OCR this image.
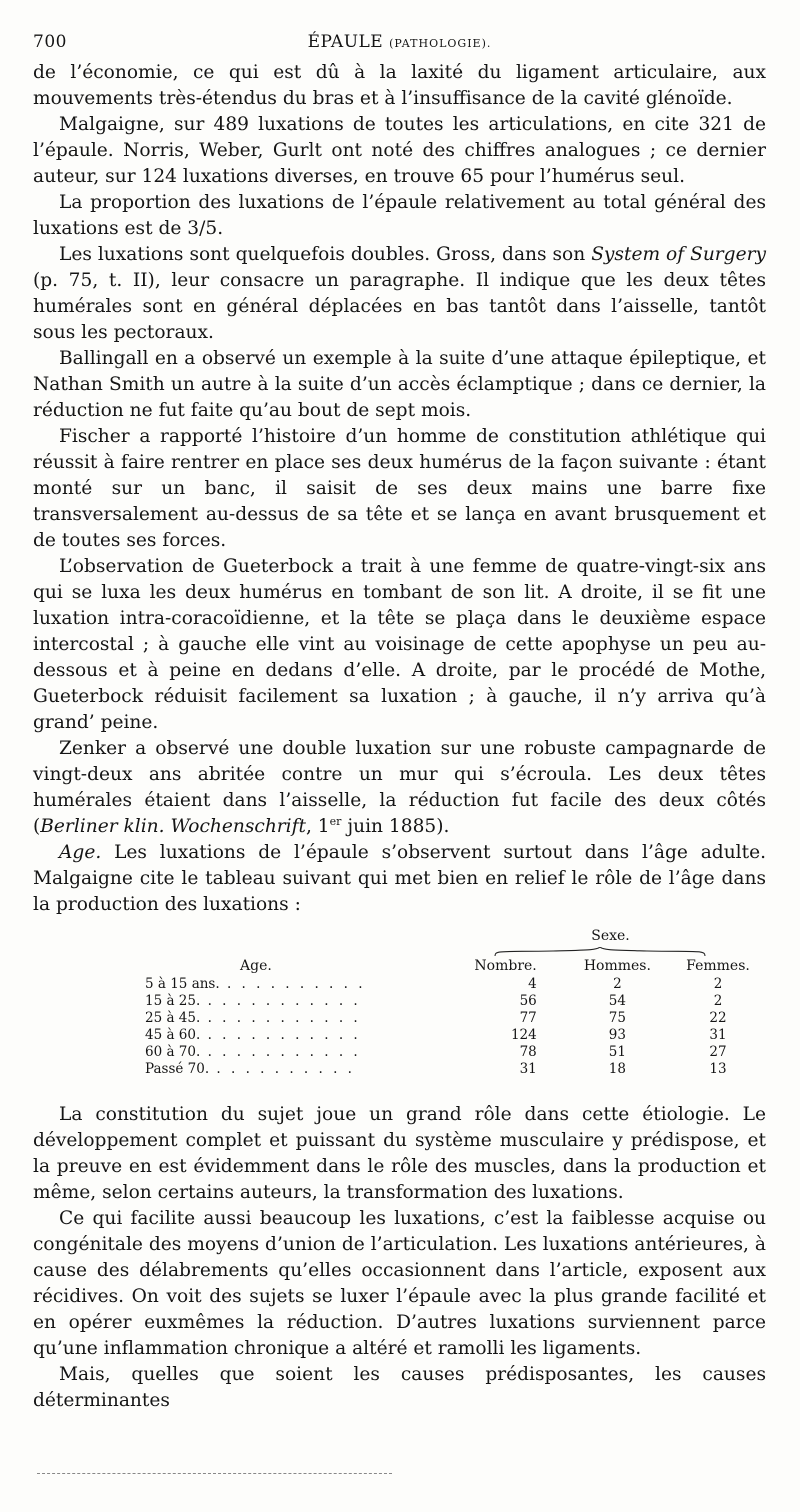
700	ÉPAULE (PATHOLOGIE).

de l’économie, ce qui est dû à la laxité du ligament articulaire, aux mouvements très-étendus du bras et à l’insuffisance de la cavité glénoïde.

Malgaigne, sur 489 luxations de toutes les articulations, en cite 321 de l’épaule. Norris, Weber, Gurlt ont noté des chiffres analogues ; ce dernier auteur, sur 124 luxations diverses, en trouve 65 pour l’humérus seul.

La proportion des luxations de l’épaule relativement au total général des luxations est de 3/5.

Les luxations sont quelquefois doubles. Gross, dans son System of Surgery (p. 75, t. II), leur consacre un paragraphe. Il indique que les deux têtes humérales sont en général déplacées en bas tantôt dans l’aisselle, tantôt sous les pectoraux.

Ballingall en a observé un exemple à la suite d’une attaque épileptique, et Nathan Smith un autre à la suite d’un accès éclamptique ; dans ce dernier, la réduction ne fut faite qu’au bout de sept mois.

Fischer a rapporté l’histoire d’un homme de constitution athlétique qui réussit à faire rentrer en place ses deux humérus de la façon suivante : étant monté sur un banc, il saisit de ses deux mains une barre fixe transversalement au-dessus de sa tête et se lança en avant brusquement et de toutes ses forces.

L’observation de Gueterbock a trait à une femme de quatre-vingt-six ans qui se luxa les deux humérus en tombant de son lit. A droite, il se fit une luxation intra-coracoïdienne, et la tête se plaça dans le deuxième espace intercostal ; à gauche elle vint au voisinage de cette apophyse un peu au-dessous et à peine en dedans d’elle. A droite, par le procédé de Mothe, Gueterbock réduisit facilement sa luxation ; à gauche, il n’y arriva qu’à grand’ peine.

Zenker a observé une double luxation sur une robuste campagnarde de vingt-deux ans abritée contre un mur qui s’écroula. Les deux têtes humérales étaient dans l’aisselle, la réduction fut facile des deux côtés (Berliner klin. Wochenschrift, 1er juin 1885).

Age. Les luxations de l’épaule s’observent surtout dans l’âge adulte. Malgaigne cite le tableau suivant qui met bien en relief le rôle de l’âge dans la production des luxations :

Sexe.
Age.	Nombre.	Hommes.	Femmes.
5 à 15 ans. . . . . . . . . . .	4	2	2
15 à 25. . . . . . . . . . . .	56	54	2
25 à 45. . . . . . . . . . . .	77	75	22
45 à 60. . . . . . . . . . . .	124	93	31
60 à 70. . . . . . . . . . . .	78	51	27
Passé 70. . . . . . . . . . .	31	18	13

La constitution du sujet joue un grand rôle dans cette étiologie. Le développement complet et puissant du système musculaire y prédispose, et la preuve en est évidemment dans le rôle des muscles, dans la production et même, selon certains auteurs, la transformation des luxations.

Ce qui facilite aussi beaucoup les luxations, c’est la faiblesse acquise ou congénitale des moyens d’union de l’articulation. Les luxations antérieures, à cause des délabrements qu’elles occasionnent dans l’article, exposent aux récidives. On voit des sujets se luxer l’épaule avec la plus grande facilité et en opérer euxmêmes la réduction. D’autres luxations surviennent parce qu’une inflammation chronique a altéré et ramolli les ligaments.

Mais, quelles que soient les causes prédisposantes, les causes déterminantes
